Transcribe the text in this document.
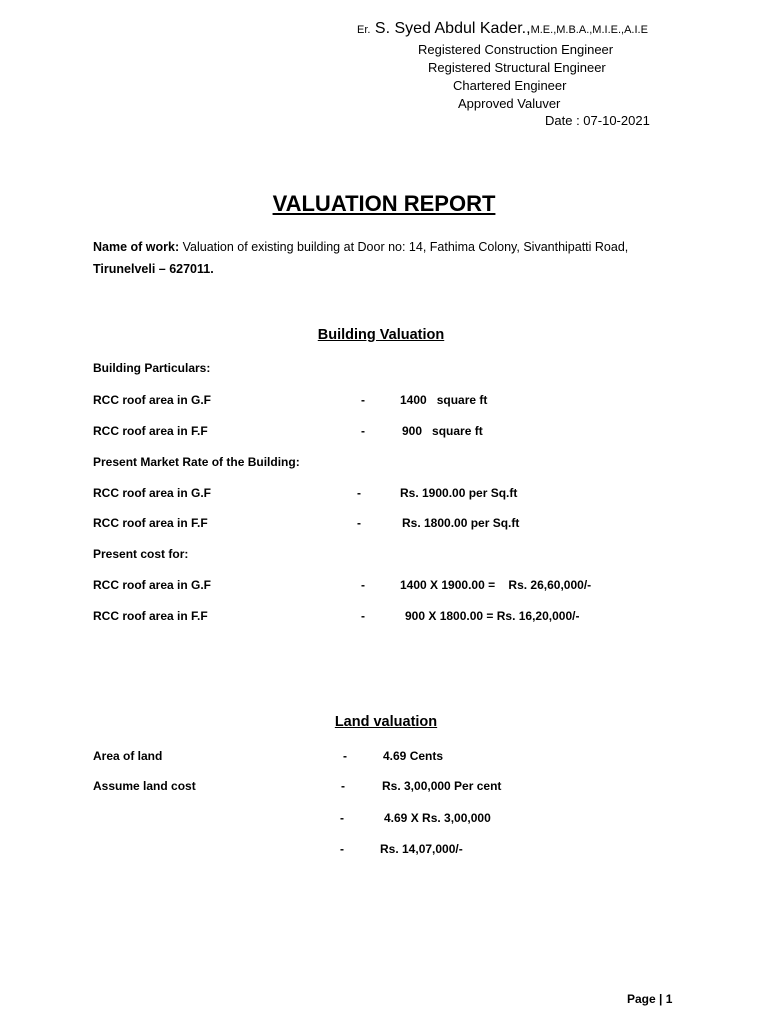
Er. S. Syed Abdul Kader.,M.E.,M.B.A.,M.I.E.,A.I.E
Registered Construction Engineer
Registered Structural Engineer
Chartered Engineer
Approved Valuver
Date : 07-10-2021
VALUATION REPORT
Name of work: Valuation of existing building at Door no: 14, Fathima Colony, Sivanthipatti Road,
Tirunelveli – 627011.
Building Valuation
Building Particulars:
RCC roof area in G.F	-	1400   square ft
RCC roof area in F.F	-	900   square ft
Present Market Rate of the Building:
RCC roof area in G.F	-	Rs. 1900.00 per Sq.ft
RCC roof area in F.F	-	Rs. 1800.00 per Sq.ft
Present cost for:
RCC roof area in G.F	-	1400 X 1900.00 =    Rs. 26,60,000/-
RCC roof area in F.F	-	900 X 1800.00 = Rs. 16,20,000/-
Land valuation
Area of land	-	4.69 Cents
Assume land cost	-	Rs. 3,00,000 Per cent
-	4.69 X Rs. 3,00,000
-	Rs. 14,07,000/-
Page | 1
